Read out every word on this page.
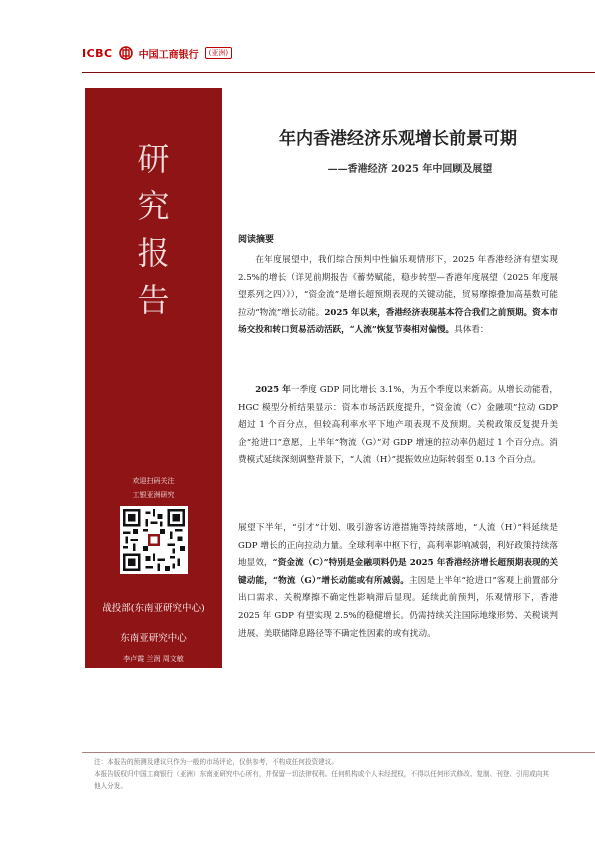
ICBC	中国工商银行	(亚洲)
研
究
报
告
欢迎扫码关注
工银亚洲研究
战投部(东南亚研究中心)
东南亚研究中心
李卢霞 兰润 周文敏
年内香港经济乐观增长前景可期
——香港经济 2025 年中回顾及展望
阅读摘要

在年度展望中，我们综合预判中性偏乐观情形下，2025 年香港经济有望实现 2.5%的增长（详见前期报告《蓄势赋能，稳步转型—香港年度展望（2025 年度展望系列之四）》），“资金流”是增长超预期表现的关键动能，贸易摩擦叠加高基数可能拉动“物流”增长动能。2025 年以来，香港经济表现基本符合我们之前预期。资本市场交投和转口贸易活动活跃，“人流”恢复节奏相对偏慢。具体看：

2025 年一季度 GDP 同比增长 3.1%，为五个季度以来新高。从增长动能看，HGC 模型分析结果显示：资本市场活跃度提升，“资金流（C）金融项”拉动 GDP 超过 1 个百分点，但较高利率水平下地产项表现不及预期。关税政策反复提升美企“抢进口”意愿，上半年“物流（G）”对 GDP 增速的拉动率仍超过 1 个百分点。消费模式延续深刻调整背景下，“人流（H）”提振效应边际转弱至 0.13 个百分点。

展望下半年，“引才”计划、吸引游客访港措施等持续落地，“人流（H）”料延续是 GDP 增长的正向拉动力量。全球利率中枢下行，高利率影响减弱，利好政策持续落地显效，“资金流（C）”特别是金融项料仍是 2025 年香港经济增长超预期表现的关键动能，“物流（G）”增长动能或有所减弱。主因是上半年“抢进口”客观上前置部分出口需求、关税摩擦不确定性影响滞后显现。延续此前预判，乐观情形下，香港 2025 年 GDP 有望实现 2.5%的稳健增长。仍需持续关注国际地缘形势、关税谈判进展、美联储降息路径等不确定性因素的或有扰动。

注：本报告的预测及建议只作为一般的市场评论，仅供参考，不构成任何投资建议。
本报告版权归中国工商银行（亚洲）东南亚研究中心所有，并保留一切法律权利。任何机构或个人未经授权，不得以任何形式修改、复制、刊登、引用或向其他人分发。
